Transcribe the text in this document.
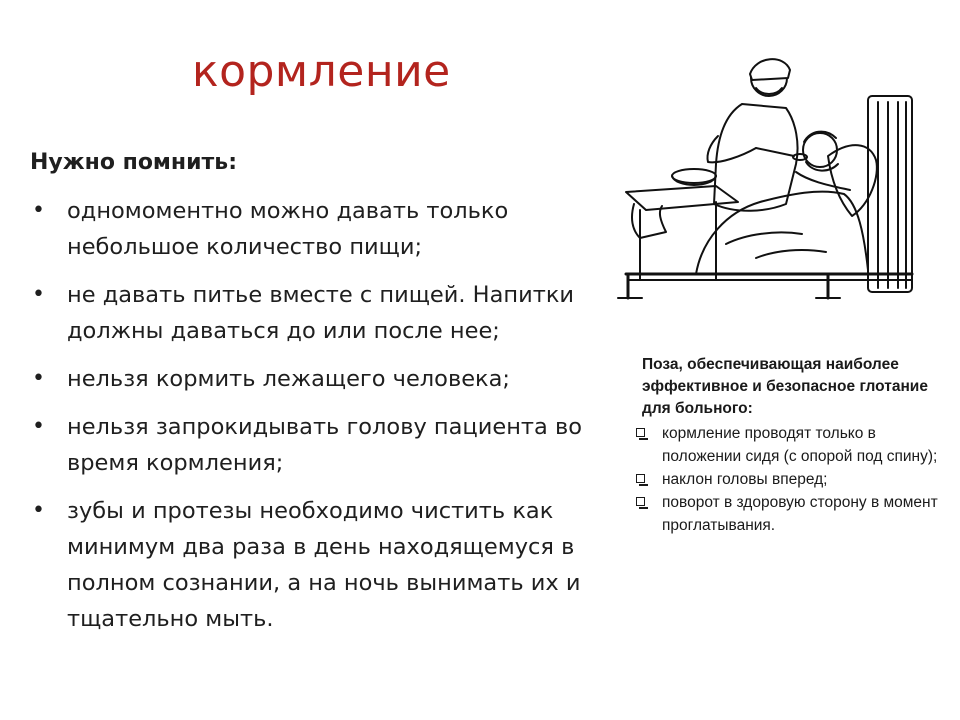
кормление
Нужно помнить:
• одномоментно можно давать только небольшое количество пищи;
• не давать питье вместе с пищей. Напитки должны даваться до или после нее;
• нельзя кормить лежащего человека;
• нельзя запрокидывать голову пациента во время кормления;
• зубы и протезы необходимо чистить как минимум два раза в день находящемуся в полном сознании, а на ночь вынимать их и тщательно мыть.
Поза, обеспечивающая наиболее эффективное и безопасное глотание для больного:
кормление проводят только в положении сидя (с опорой под спину);
наклон головы вперед;
поворот в здоровую сторону в момент проглатывания.
